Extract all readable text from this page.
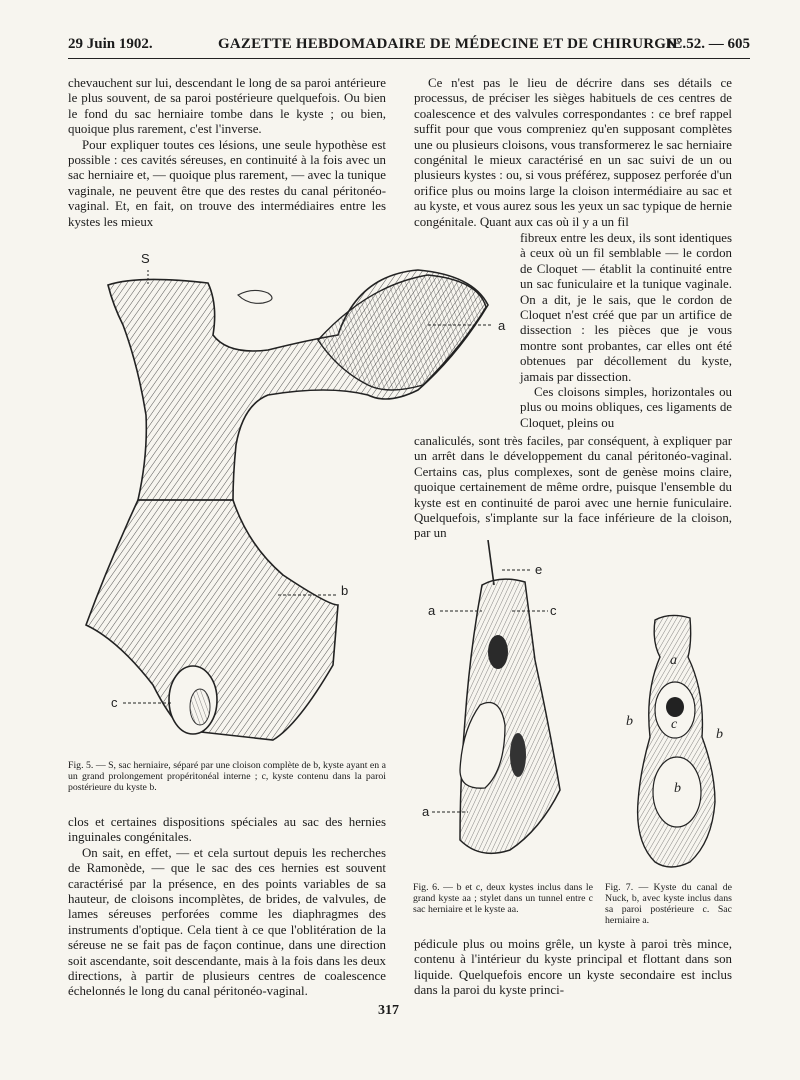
29 Juin 1902.	GAZETTE HEBDOMADAIRE DE MÉDECINE ET DE CHIRURGIE.
N° 52. — 605

chevauchent sur lui, descendant le long de sa paroi antérieure le plus souvent, de sa paroi postérieure quelquefois. Ou bien le fond du sac herniaire tombe dans le kyste ; ou bien, quoique plus rarement, c'est l'inverse.

Pour expliquer toutes ces lésions, une seule hypothèse est possible : ces cavités séreuses, en continuité à la fois avec un sac herniaire et, — quoique plus rarement, — avec la tunique vaginale, ne peuvent être que des restes du canal péritonéo-vaginal. Et, en fait, on trouve des intermédiaires entre les kystes les mieux

Ce n'est pas le lieu de décrire dans ses détails ce processus, de préciser les sièges habituels de ces centres de coalescence et des valvules correspondantes : ce bref rappel suffit pour que vous compreniez qu'en supposant complètes une ou plusieurs cloisons, vous transformerez le sac herniaire congénital le mieux caractérisé en un sac suivi de un ou plusieurs kystes : ou, si vous préférez, supposez perforée d'un orifice plus ou moins large la cloison intermédiaire au sac et au kyste, et vous aurez sous les yeux un sac typique de hernie congénitale. Quant aux cas où il y a un fil

fibreux entre les deux, ils sont identiques à ceux où un fil semblable — le cordon de Cloquet — établit la continuité entre un sac funiculaire et la tunique vaginale. On a dit, je le sais, que le cordon de Cloquet n'est créé que par un artifice de dissection : les pièces que je vous montre sont probantes, car elles ont été obtenues par décollement du kyste, jamais par dissection.

Ces cloisons simples, horizontales ou plus ou moins obliques, ces ligaments de Cloquet, pleins ou

canaliculés, sont très faciles, par conséquent, à expliquer par un arrêt dans le développement du canal péritonéo-vaginal. Certains cas, plus complexes, sont de genèse moins claire, quoique certainement de même ordre, puisque l'ensemble du kyste est en continuité de paroi avec une hernie funiculaire. Quelquefois, s'implante sur la face inférieure de la cloison, par un

S
a
b
c
Fig. 5. — S, sac herniaire, séparé par une cloison complète de b, kyste ayant en a un grand prolongement propéritonéal interne ; c, kyste contenu dans la paroi postérieure du kyste b.

clos et certaines dispositions spéciales au sac des hernies inguinales congénitales.

On sait, en effet, — et cela surtout depuis les recherches de Ramonède, — que le sac des ces hernies est souvent caractérisé par la présence, en des points variables de sa hauteur, de cloisons incomplètes, de brides, de valvules, de lames séreuses perforées comme les diaphragmes des instruments d'optique. Cela tient à ce que l'oblitération de la séreuse ne se fait pas de façon continue, dans une direction soit ascendante, soit descendante, mais à la fois dans les deux directions, à partir de plusieurs centres de coalescence échelonnés le long du canal péritonéo-vaginal.

e
a	c
a
a
b	c
b
b
Fig. 6. — b et c, deux kystes inclus dans le grand kyste aa ; stylet dans un tunnel entre c sac herniaire et le kyste aa.
Fig. 7. — Kyste du canal de Nuck, b, avec kyste inclus dans sa paroi postérieure c. Sac herniaire a.

pédicule plus ou moins grêle, un kyste à paroi très mince, contenu à l'intérieur du kyste principal et flottant dans son liquide. Quelquefois encore un kyste secondaire est inclus dans la paroi du kyste princi-

317
